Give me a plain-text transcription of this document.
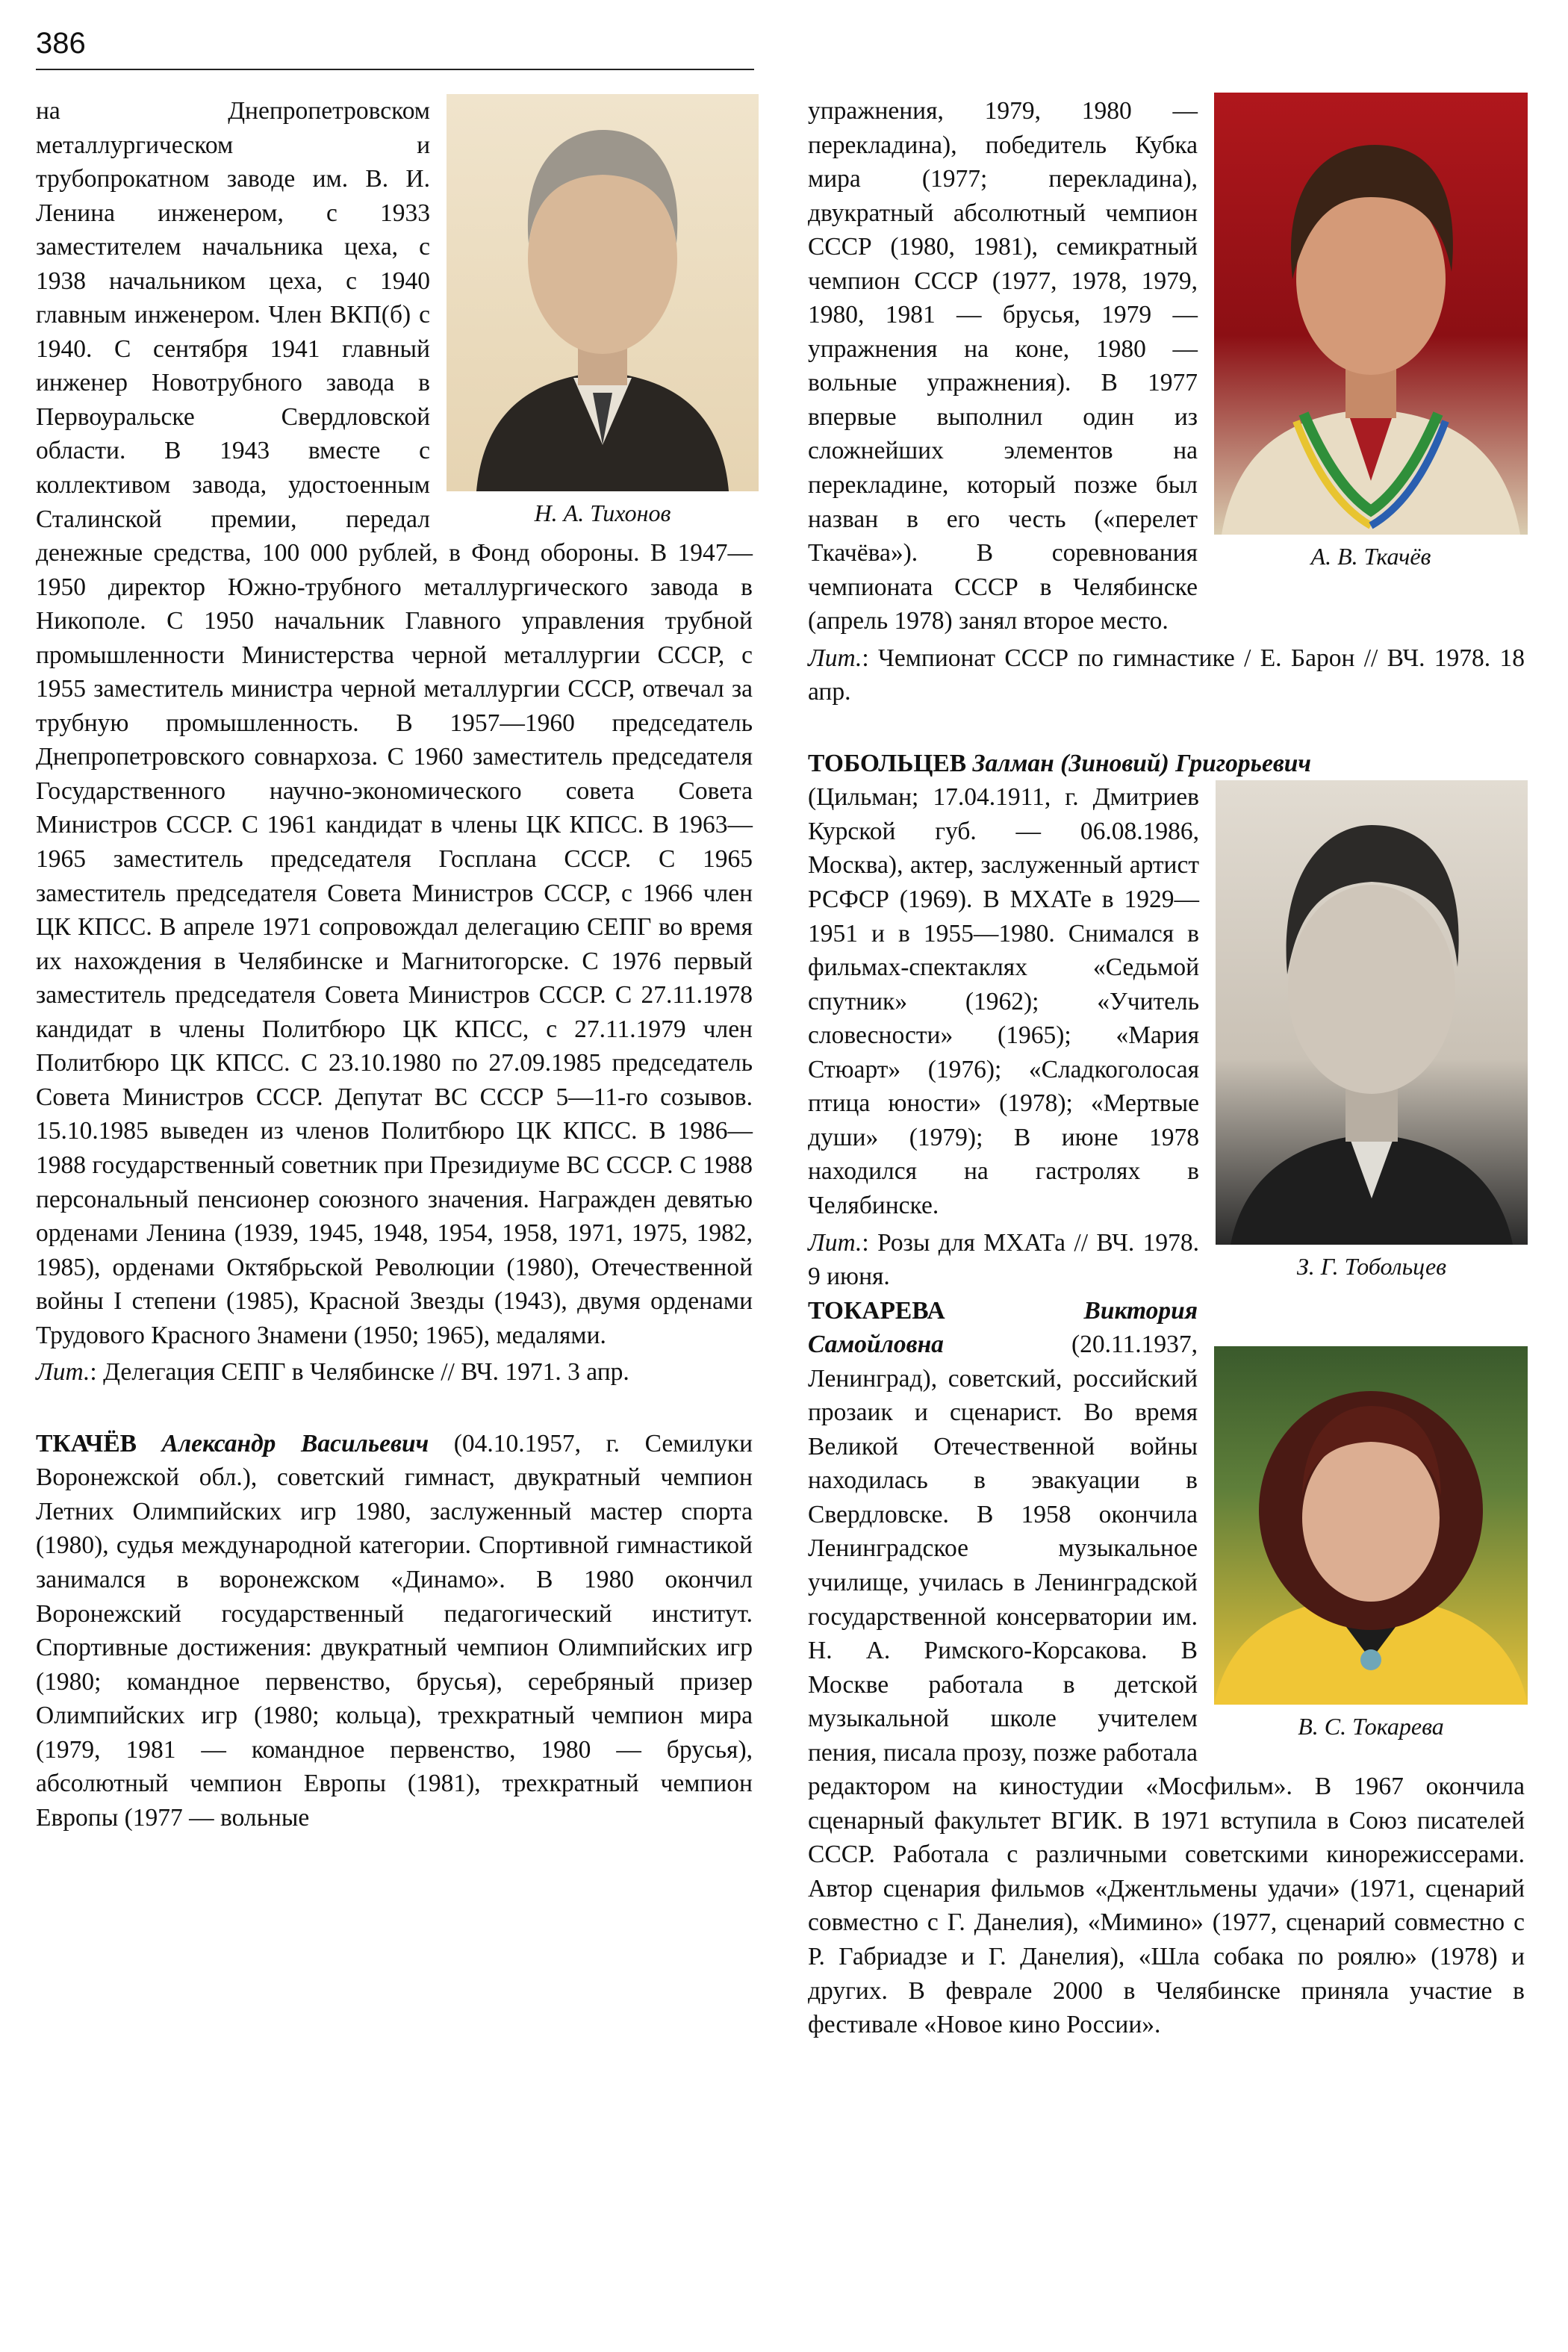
386
Н. А. Тихонов

на Днепропетровском металлургическом и трубопрокатном заводе им. В. И. Ленина инженером, с 1933 заместителем начальника цеха, с 1938 начальником цеха, с 1940 главным инженером. Член ВКП(б) с 1940. С сентября 1941 главный инженер Новотрубного завода в Первоуральске Свердловской области. В 1943 вместе с коллективом завода, удостоенным Сталинской премии, передал денежные средства, 100 000 рублей, в Фонд обороны. В 1947—1950 директор Южно-трубного металлургического завода в Никополе. С 1950 начальник Главного управления трубной промышленности Министерства черной металлургии СССР, с 1955 заместитель министра черной металлургии СССР, отвечал за трубную промышленность. В 1957—1960 председатель Днепропетровского совнархоза. С 1960 заместитель председателя Государственного научно-экономического совета Совета Министров СССР. С 1961 кандидат в члены ЦК КПСС. В 1963—1965 заместитель председателя Госплана СССР. С 1965 заместитель председателя Совета Министров СССР, с 1966 член ЦК КПСС. В апреле 1971 сопровождал делегацию СЕПГ во время их нахождения в Челябинске и Магнитогорске. С 1976 первый заместитель председателя Совета Министров СССР. С 27.11.1978 кандидат в члены Политбюро ЦК КПСС, с 27.11.1979 член Политбюро ЦК КПСС. С 23.10.1980 по 27.09.1985 председатель Совета Министров СССР. Депутат ВС СССР 5—11-го созывов. 15.10.1985 выведен из членов Политбюро ЦК КПСС. В 1986—1988 государственный советник при Президиуме ВС СССР. С 1988 персональный пенсионер союзного значения. Награжден девятью орденами Ленина (1939, 1945, 1948, 1954, 1958, 1971, 1975, 1982, 1985), орденами Октябрьской Революции (1980), Отечественной войны I степени (1985), Красной Звезды (1943), двумя орденами Трудового Красного Знамени (1950; 1965), медалями.

Лит.: Делегация СЕПГ в Челябинске // ВЧ. 1971. 3 апр.

ТКАЧЁВ Александр Васильевич (04.10.1957, г. Семилуки Воронежской обл.), советский гимнаст, двукратный чемпион Летних Олимпийских игр 1980, заслуженный мастер спорта (1980), судья международной категории. Спортивной гимнастикой занимался в воронежском «Динамо». В 1980 окончил Воронежский государственный педагогический институт. Спортивные достижения: двукратный чемпион Олимпийских игр (1980; командное первенство, брусья), серебряный призер Олимпийских игр (1980; кольца), трехкратный чемпион мира (1979, 1981 — командное первенство, 1980 — брусья), абсолютный чемпион Европы (1981), трехкратный чемпион Европы (1977 — вольные

А. В. Ткачёв

упражнения, 1979, 1980 — перекладина), победитель Кубка мира (1977; перекладина), двукратный абсолютный чемпион СССР (1980, 1981), семикратный чемпион СССР (1977, 1978, 1979, 1980, 1981 — брусья, 1979 — упражнения на коне, 1980 — вольные упражнения). В 1977 впервые выполнил один из сложнейших элементов на перекладине, который позже был назван в его честь («перелет Ткачёва»). В соревнования чемпионата СССР в Челябинске (апрель 1978) занял второе место.

Лит.: Чемпионат СССР по гимнастике / Е. Барон // ВЧ. 1978. 18 апр.

ТОБОЛЬЦЕВ Залман (Зиновий) Григорьевич

З. Г. Тобольцев

(Цильман; 17.04.1911, г. Дмитриев Курской губ. — 06.08.1986, Москва), актер, заслуженный артист РСФСР (1969). В МХАТе в 1929—1951 и в 1955—1980. Снимался в фильмах-спектаклях «Седьмой спутник» (1962); «Учитель словесности» (1965); «Мария Стюарт» (1976); «Сладкоголосая птица юности» (1978); «Мертвые души» (1979); В июне 1978 находился на гастролях в Челябинске.

Лит.: Розы для МХАТа // ВЧ. 1978. 9 июня.

В. С. Токарева

ТОКАРЕВА	Виктория Самойловна (20.11.1937, Ленинград), советский, российский прозаик и сценарист. Во время Великой Отечественной войны находилась в эвакуации в Свердловске. В 1958 окончила Ленинградское музыкальное училище, училась в Ленинградской государственной консерватории им. Н. А. Римского-Корсакова. В Москве работала в детской музыкальной школе учителем пения, писала прозу, позже работала редактором на киностудии «Мосфильм». В 1967 окончила сценарный факультет ВГИК. В 1971 вступила в Союз писателей СССР. Работала с различными советскими кинорежиссерами. Автор сценария фильмов «Джентльмены удачи» (1971, сценарий совместно с Г. Данелия), «Мимино» (1977, сценарий совместно с Р. Габриадзе и Г. Данелия), «Шла собака по роялю» (1978) и других. В феврале 2000 в Челябинске приняла участие в фестивале «Новое кино России».
